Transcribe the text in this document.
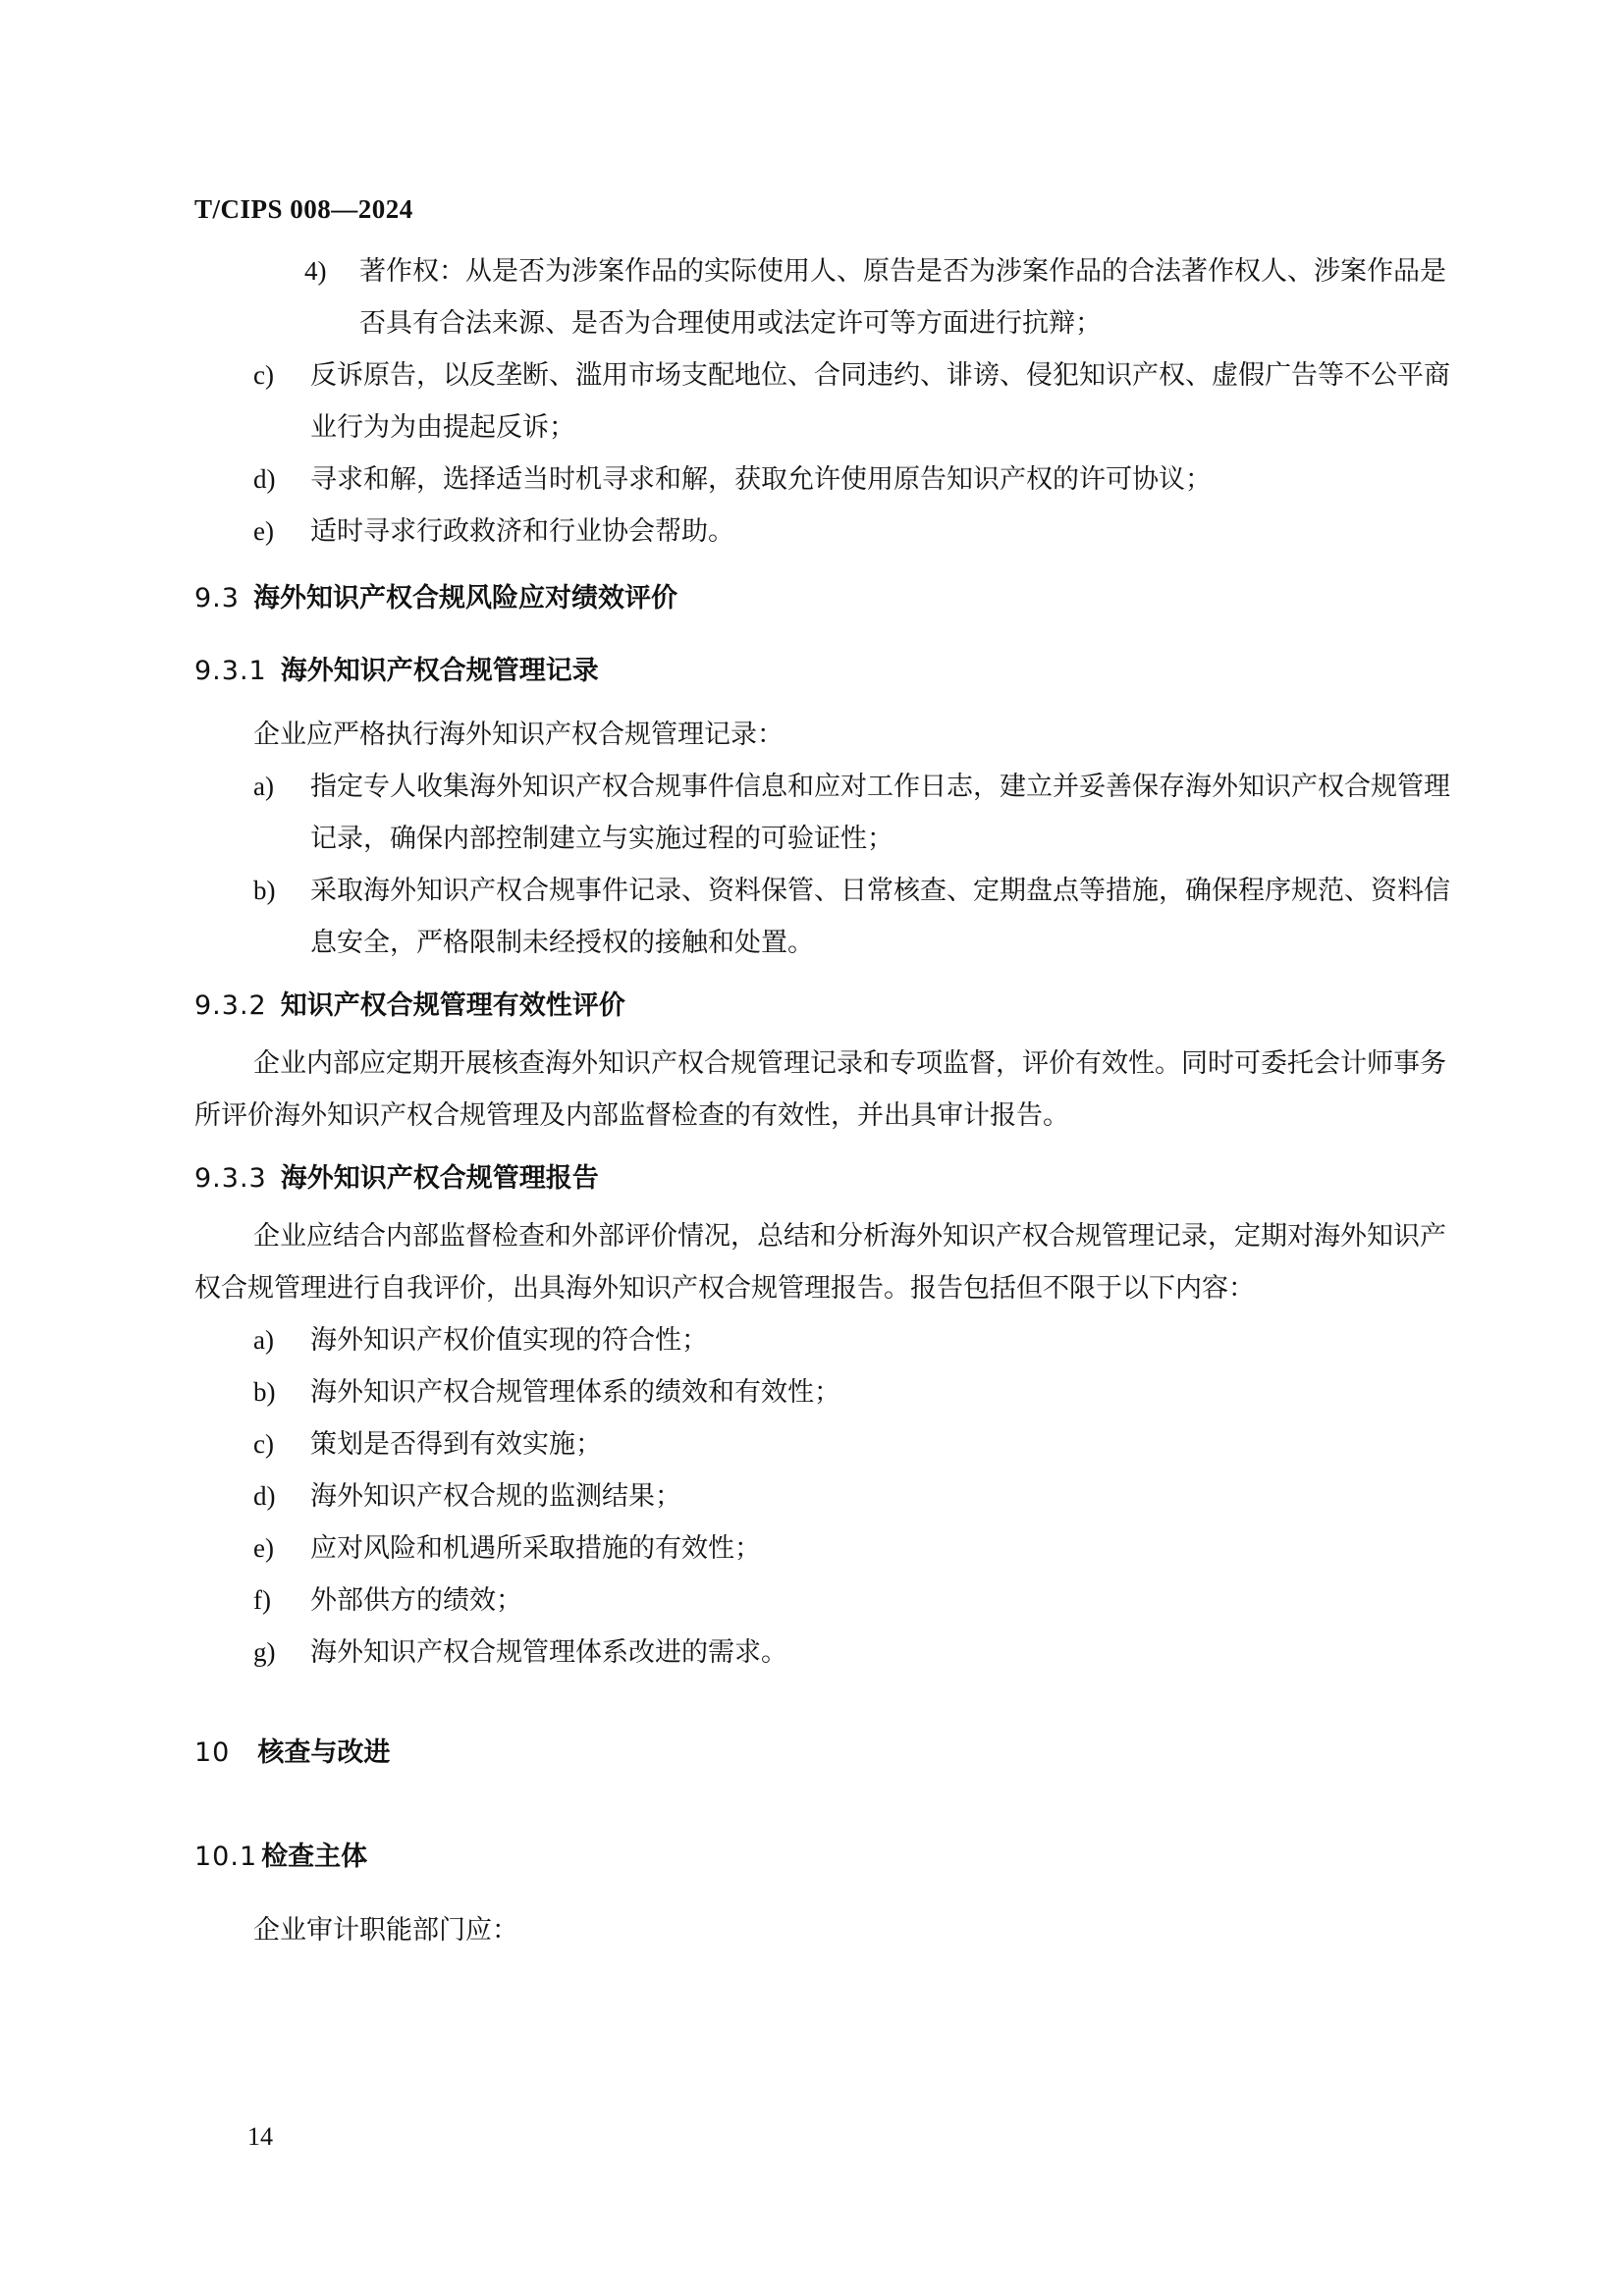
T/CIPS 008—2024
4) 著作权：从是否为涉案作品的实际使用人、原告是否为涉案作品的合法著作权人、涉案作品是否具有合法来源、是否为合理使用或法定许可等方面进行抗辩；
c) 反诉原告，以反垄断、滥用市场支配地位、合同违约、诽谤、侵犯知识产权、虚假广告等不公平商业行为为由提起反诉；
d) 寻求和解，选择适当时机寻求和解，获取允许使用原告知识产权的许可协议；
e) 适时寻求行政救济和行业协会帮助。
9.3 海外知识产权合规风险应对绩效评价
9.3.1 海外知识产权合规管理记录

企业应严格执行海外知识产权合规管理记录：

a) 指定专人收集海外知识产权合规事件信息和应对工作日志，建立并妥善保存海外知识产权合规管理记录，确保内部控制建立与实施过程的可验证性；
b) 采取海外知识产权合规事件记录、资料保管、日常核查、定期盘点等措施，确保程序规范、资料信息安全，严格限制未经授权的接触和处置。
9.3.2 知识产权合规管理有效性评价

企业内部应定期开展核查海外知识产权合规管理记录和专项监督，评价有效性。同时可委托会计师事务所评价海外知识产权合规管理及内部监督检查的有效性，并出具审计报告。

9.3.3 海外知识产权合规管理报告

企业应结合内部监督检查和外部评价情况，总结和分析海外知识产权合规管理记录，定期对海外知识产权合规管理进行自我评价，出具海外知识产权合规管理报告。报告包括但不限于以下内容：

a) 海外知识产权价值实现的符合性；
b) 海外知识产权合规管理体系的绩效和有效性；
c) 策划是否得到有效实施；
d) 海外知识产权合规的监测结果；
e) 应对风险和机遇所采取措施的有效性；
f) 外部供方的绩效；
g) 海外知识产权合规管理体系改进的需求。
10 核查与改进
10.1 检查主体

企业审计职能部门应：

14
